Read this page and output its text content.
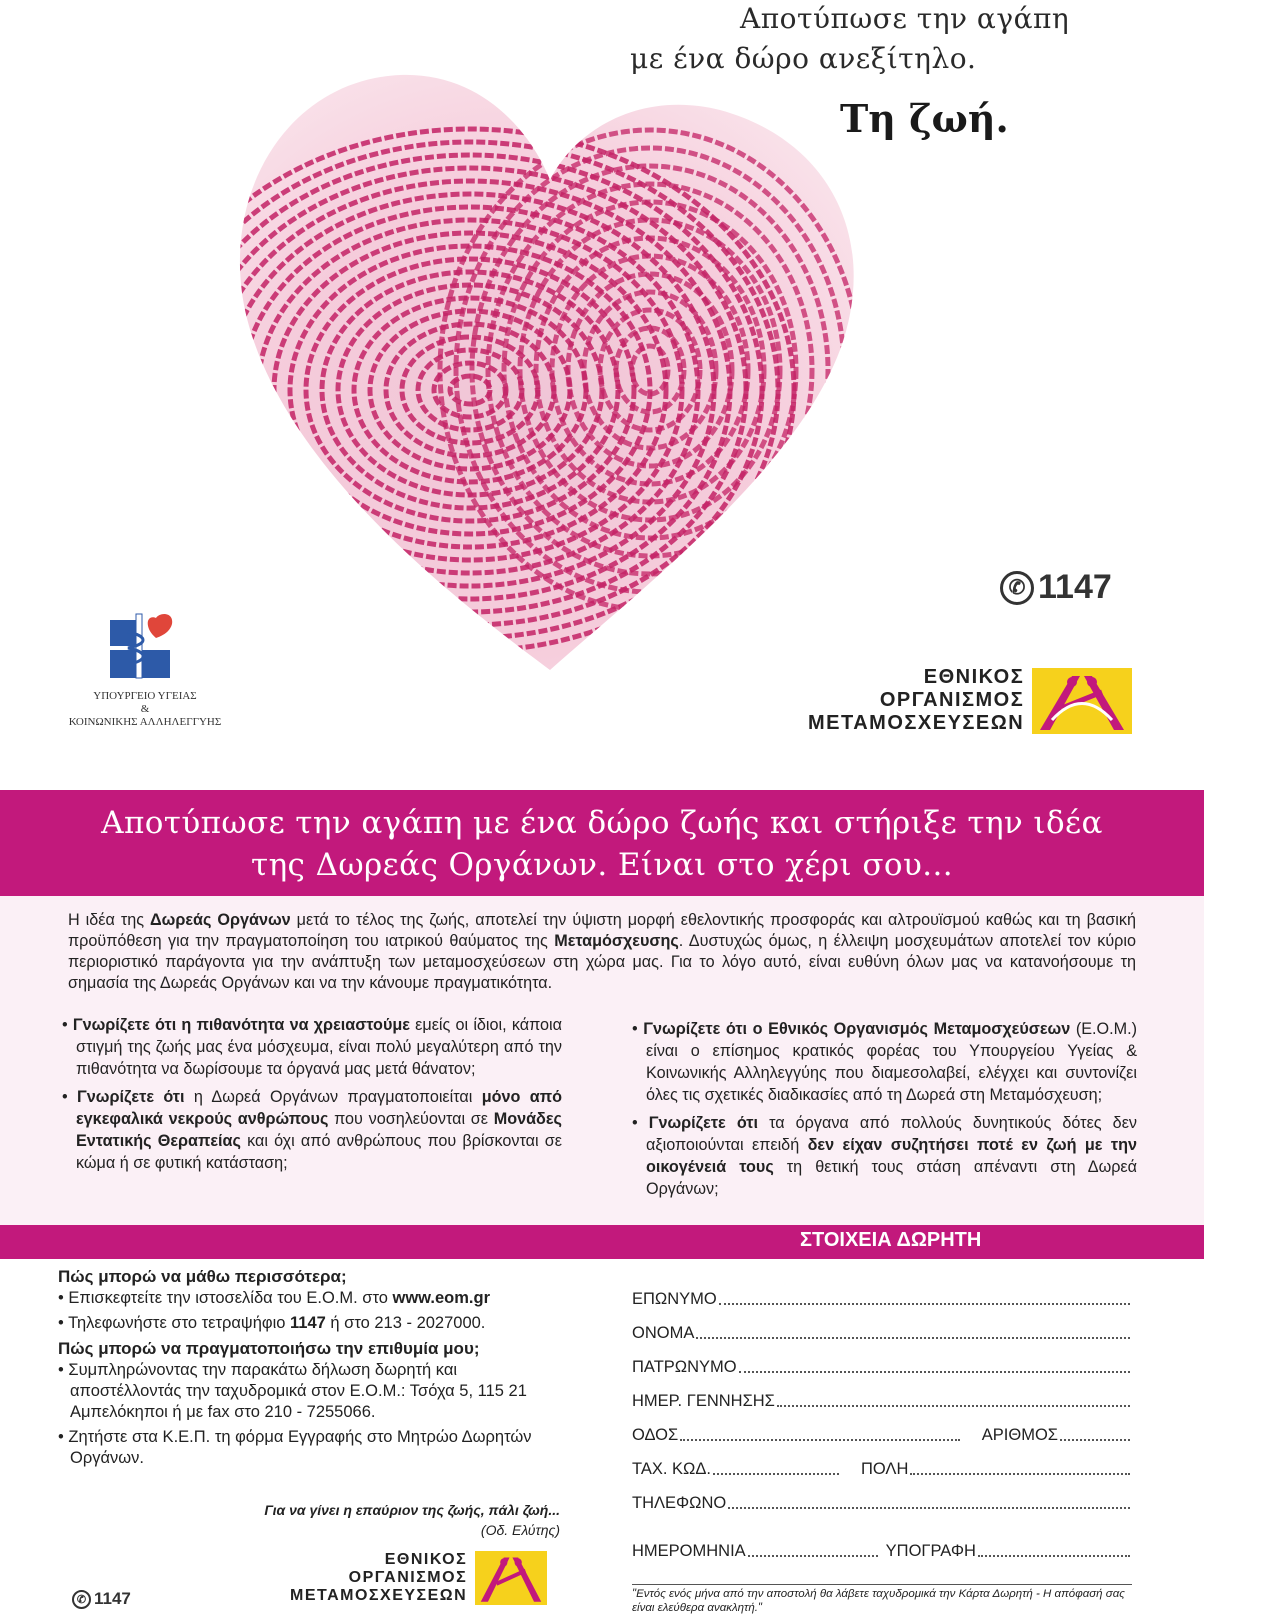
Αποτύπωσε την αγάπη
με ένα δώρο ανεξίτηλο.
Τη ζωή.
✆ 1147
ΥΠΟΥΡΓΕΙΟ ΥΓΕΙΑΣ
&
ΚΟΙΝΩΝΙΚΗΣ ΑΛΛΗΛΕΓΓΥΗΣ
ΕΘΝΙΚΟΣ
ΟΡΓΑΝΙΣΜΟΣ
ΜΕΤΑΜΟΣΧΕΥΣΕΩΝ
Αποτύπωσε την αγάπη με ένα δώρο ζωής και στήριξε την ιδέα
της Δωρεάς Οργάνων. Είναι στο χέρι σου...
Η ιδέα της Δωρεάς Οργάνων μετά το τέλος της ζωής, αποτελεί την ύψιστη μορφή εθελοντικής προσφοράς και αλτρουϊσμού καθώς και τη βασική προϋπόθεση για την πραγματοποίηση του ιατρικού θαύματος της Μεταμόσχευσης. Δυστυχώς όμως, η έλλειψη μοσχευμάτων αποτελεί τον κύριο περιοριστικό παράγοντα για την ανάπτυξη των μεταμοσχεύσεων στη χώρα μας. Για το λόγο αυτό, είναι ευθύνη όλων μας να κατανοήσουμε τη σημασία της Δωρεάς Οργάνων και να την κάνουμε πραγματικότητα.

• Γνωρίζετε ότι η πιθανότητα να χρειαστούμε εμείς οι ίδιοι, κάποια στιγμή της ζωής μας ένα μόσχευμα, είναι πολύ μεγαλύτερη από την πιθανότητα να δωρίσουμε τα όργανά μας μετά θάνατον;

• Γνωρίζετε ότι η Δωρεά Οργάνων πραγματοποιείται μόνο από εγκεφαλικά νεκρούς ανθρώπους που νοσηλεύονται σε Μονάδες Εντατικής Θεραπείας και όχι από ανθρώπους που βρίσκονται σε κώμα ή σε φυτική κατάσταση;

• Γνωρίζετε ότι ο Εθνικός Οργανισμός Μεταμοσχεύσεων (Ε.Ο.Μ.) είναι ο επίσημος κρατικός φορέας του Υπουργείου Υγείας & Κοινωνικής Αλληλεγγύης που διαμεσολαβεί, ελέγχει και συντονίζει όλες τις σχετικές διαδικασίες από τη Δωρεά στη Μεταμόσχευση;

• Γνωρίζετε ότι τα όργανα από πολλούς δυνητικούς δότες δεν αξιοποιούνται επειδή δεν είχαν συζητήσει ποτέ εν ζωή με την οικογένειά τους τη θετική τους στάση απέναντι στη Δωρεά Οργάνων;

ΣΤΟΙΧΕΙΑ ΔΩΡΗΤΗ

Πώς μπορώ να μάθω περισσότερα;

• Επισκεφτείτε την ιστοσελίδα του Ε.Ο.Μ. στο www.eom.gr

• Τηλεφωνήστε στο τετραψήφιο 1147 ή στο 213 - 2027000.

Πώς μπορώ να πραγματοποιήσω την επιθυμία μου;

• Συμπληρώνοντας την παρακάτω δήλωση δωρητή και αποστέλλοντάς την ταχυδρομικά στον Ε.Ο.Μ.: Τσόχα 5, 115 21 Αμπελόκηποι ή με fax στο 210 - 7255066.

• Ζητήστε στα Κ.Ε.Π. τη φόρμα Εγγραφής στο Μητρώο Δωρητών Οργάνων.

Για να γίνει η επαύριον της ζωής, πάλι ζωή...
(Οδ. Ελύτης)
ΕΘΝΙΚΟΣ
ΟΡΓΑΝΙΣΜΟΣ
ΜΕΤΑΜΟΣΧΕΥΣΕΩΝ
✆ 1147
ΕΠΩΝΥΜΟ
ΟΝΟΜΑ
ΠΑΤΡΩΝΥΜΟ
ΗΜΕΡ. ΓΕΝΝΗΣΗΣ
ΟΔΟΣ	ΑΡΙΘΜΟΣ
ΤΑΧ. ΚΩΔ.	ΠΟΛΗ
ΤΗΛΕΦΩΝΟ
ΗΜΕΡΟΜΗΝΙΑ	ΥΠΟΓΡΑΦΗ
"Εντός ενός μήνα από την αποστολή θα λάβετε ταχυδρομικά την Κάρτα Δωρητή - Η απόφασή σας είναι ελεύθερα ανακλητή."
